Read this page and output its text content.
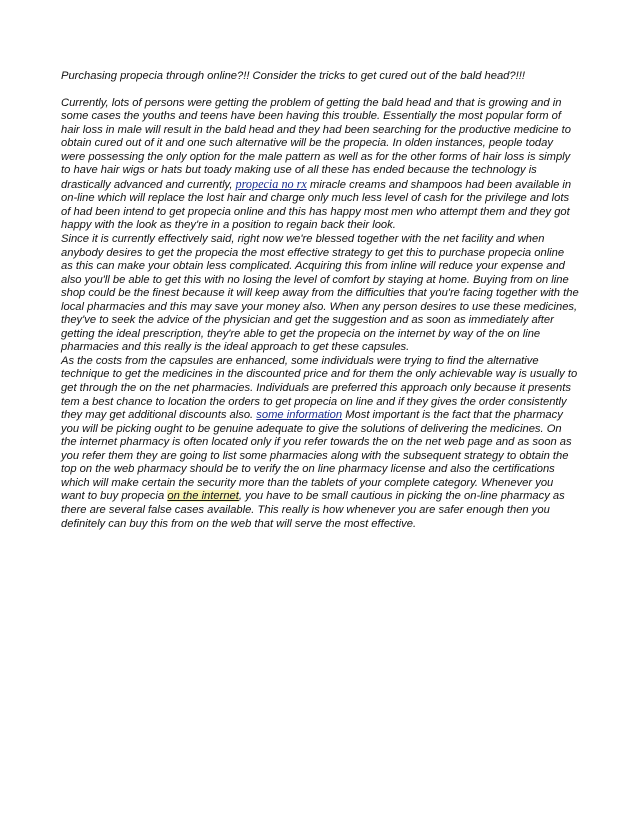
Purchasing propecia through online?!! Consider the tricks to get cured out of the bald head?!!!

Currently, lots of persons were getting the problem of getting the bald head and that is growing and in some cases the youths and teens have been having this trouble. Essentially the most popular form of hair loss in male will result in the bald head and they had been searching for the productive medicine to obtain cured out of it and one such alternative will be the propecia. In olden instances, people today were possessing the only option for the male pattern as well as for the other forms of hair loss is simply to have hair wigs or hats but toady making use of all these has ended because the technology is drastically advanced and currently, propecia no rx miracle creams and shampoos had been available in on-line which will replace the lost hair and charge only much less level of cash for the privilege and lots of had been intend to get propecia online and this has happy most men who attempt them and they got happy with the look as they're in a position to regain back their look.

Since it is currently effectively said, right now we're blessed together with the net facility and when anybody desires to get the propecia the most effective strategy to get this to purchase propecia online as this can make your obtain less complicated. Acquiring this from inline will reduce your expense and also you'll be able to get this with no losing the level of comfort by staying at home. Buying from on line shop could be the finest because it will keep away from the difficulties that you're facing together with the local pharmacies and this may save your money also. When any person desires to use these medicines, they've to seek the advice of the physician and get the suggestion and as soon as immediately after getting the ideal prescription, they're able to get the propecia on the internet by way of the on line pharmacies and this really is the ideal approach to get these capsules.

As the costs from the capsules are enhanced, some individuals were trying to find the alternative technique to get the medicines in the discounted price and for them the only achievable way is usually to get through the on the net pharmacies. Individuals are preferred this approach only because it presents tem a best chance to location the orders to get propecia on line and if they gives the order consistently they may get additional discounts also. some information Most important is the fact that the pharmacy you will be picking ought to be genuine adequate to give the solutions of delivering the medicines. On the internet pharmacy is often located only if you refer towards the on the net web page and as soon as you refer them they are going to list some pharmacies along with the subsequent strategy to obtain the top on the web pharmacy should be to verify the on line pharmacy license and also the certifications which will make certain the security more than the tablets of your complete category. Whenever you want to buy propecia on the internet, you have to be small cautious in picking the on-line pharmacy as there are several false cases available. This really is how whenever you are safer enough then you definitely can buy this from on the web that will serve the most effective.
